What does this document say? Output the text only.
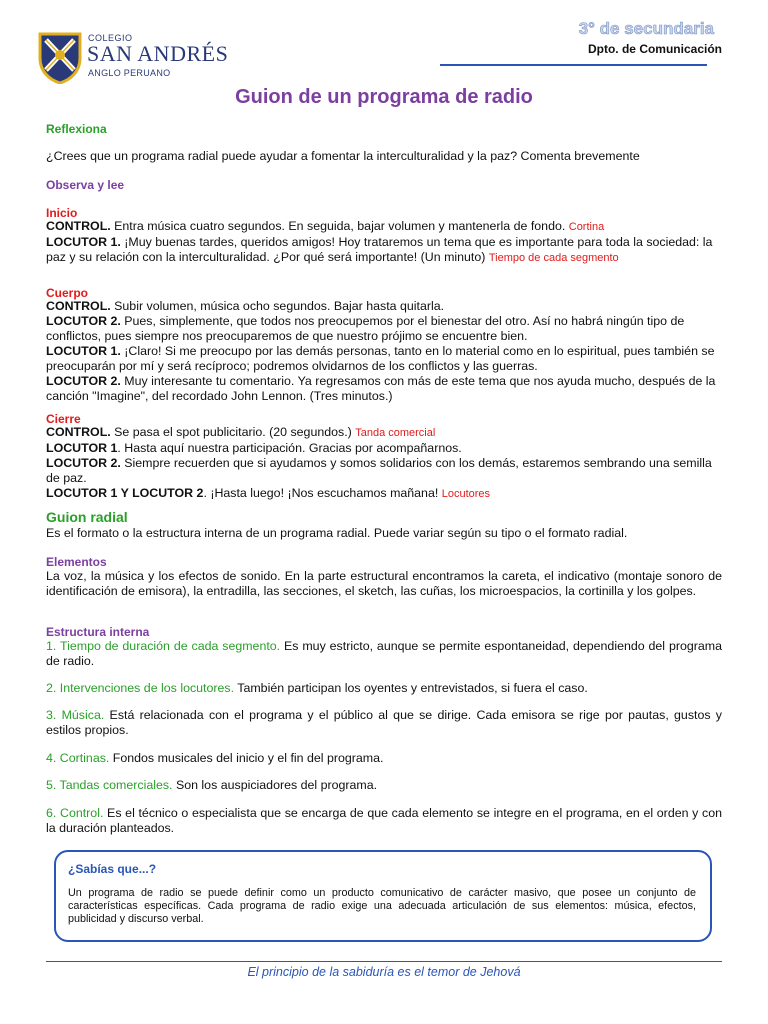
COLEGIO
SAN ANDRÉS
ANGLO PERUANO
3° de secundaria
Dpto. de Comunicación
Guion de un programa de radio
Reflexiona
¿Crees que un programa radial puede ayudar a fomentar la interculturalidad y la paz? Comenta brevemente
Observa y lee
Inicio
CONTROL. Entra música cuatro segundos. En seguida, bajar volumen y mantenerla de fondo. Cortina
LOCUTOR 1. ¡Muy buenas tardes, queridos amigos! Hoy trataremos un tema que es importante para toda la sociedad: la paz y su relación con la interculturalidad. ¿Por qué será importante! (Un minuto) Tiempo de cada segmento
Cuerpo
CONTROL. Subir volumen, música ocho segundos. Bajar hasta quitarla.
LOCUTOR 2. Pues, simplemente, que todos nos preocupemos por el bienestar del otro. Así no habrá ningún tipo de conflictos, pues siempre nos preocuparemos de que nuestro prójimo se encuentre bien.
LOCUTOR 1. ¡Claro! Si me preocupo por las demás personas, tanto en lo material como en lo espiritual, pues también se preocuparán por mí y será recíproco; podremos olvidarnos de los conflictos y las guerras.
LOCUTOR 2. Muy interesante tu comentario. Ya regresamos con más de este tema que nos ayuda mucho, después de la canción "Imagine", del recordado John Lennon. (Tres minutos.)
Cierre
CONTROL. Se pasa el spot publicitario. (20 segundos.) Tanda comercial
LOCUTOR 1. Hasta aquí nuestra participación. Gracias por acompañarnos.
LOCUTOR 2. Siempre recuerden que si ayudamos y somos solidarios con los demás, estaremos sembrando una semilla de paz.
LOCUTOR 1 Y LOCUTOR 2. ¡Hasta luego! ¡Nos escuchamos mañana! Locutores
Guion radial
Es el formato o la estructura interna de un programa radial. Puede variar según su tipo o el formato radial.
Elementos
La voz, la música y los efectos de sonido. En la parte estructural encontramos la careta, el indicativo (montaje sonoro de identificación de emisora), la entradilla, las secciones, el sketch, las cuñas, los microespacios, la cortinilla y los golpes.
Estructura interna
1. Tiempo de duración de cada segmento. Es muy estricto, aunque se permite espontaneidad, dependiendo del programa de radio.
2. Intervenciones de los locutores. También participan los oyentes y entrevistados, si fuera el caso.
3. Música. Está relacionada con el programa y el público al que se dirige. Cada emisora se rige por pautas, gustos y estilos propios.
4. Cortinas. Fondos musicales del inicio y el fin del programa.
5. Tandas comerciales. Son los auspiciadores del programa.
6. Control. Es el técnico o especialista que se encarga de que cada elemento se integre en el programa, en el orden y con la duración planteados.
¿Sabías que...?
Un programa de radio se puede definir como un producto comunicativo de carácter masivo, que posee un conjunto de características específicas. Cada programa de radio exige una adecuada articulación de sus elementos: música, efectos, publicidad y discurso verbal.
El principio de la sabiduría es el temor de Jehová
